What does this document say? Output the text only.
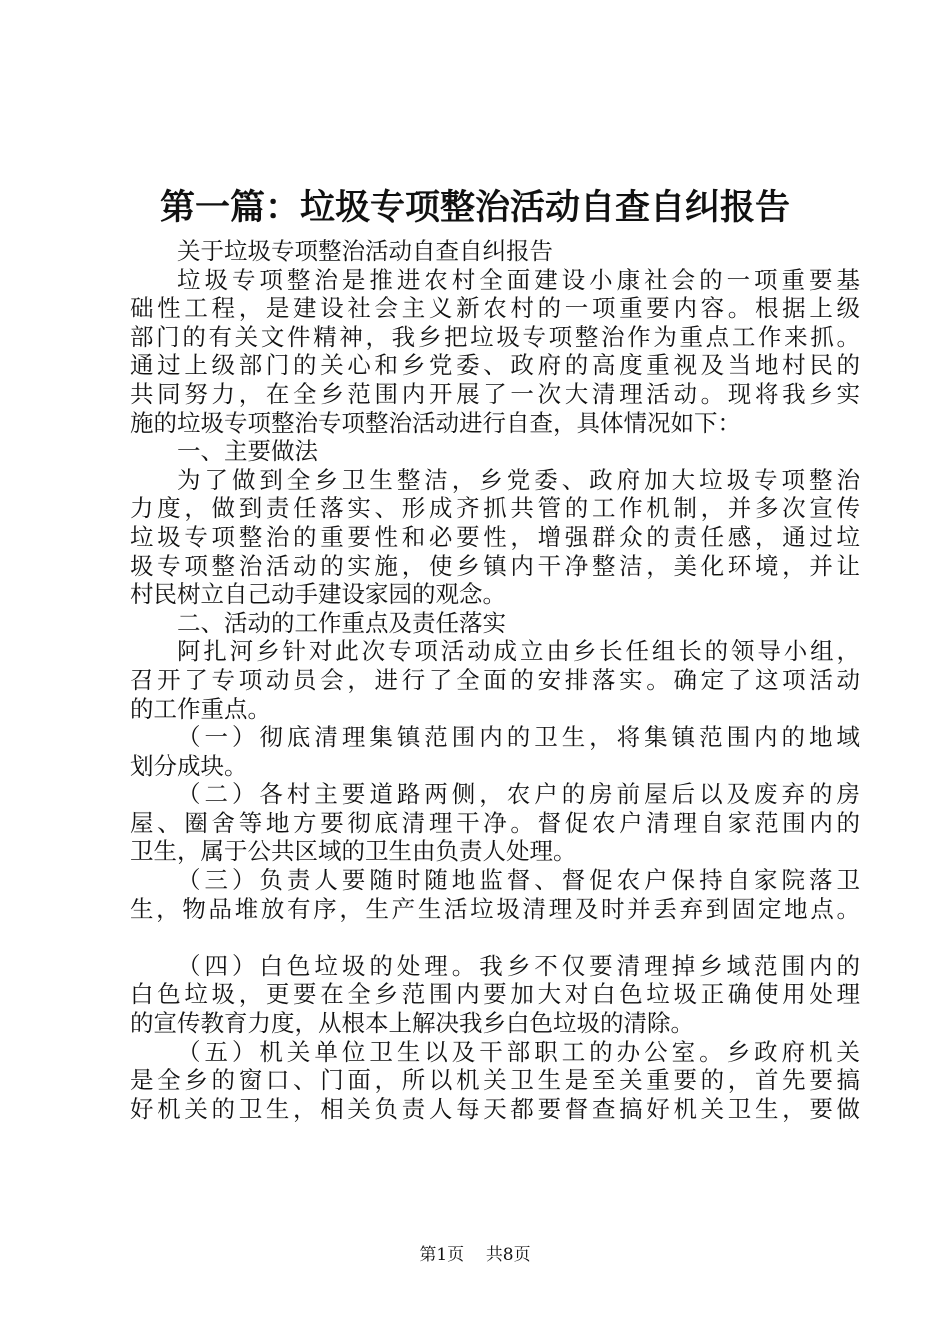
第一篇：垃圾专项整治活动自查自纠报告
关于垃圾专项整治活动自查自纠报告
垃圾专项整治是推进农村全面建设小康社会的一项重要基
础性工程，是建设社会主义新农村的一项重要内容。根据上级
部门的有关文件精神，我乡把垃圾专项整治作为重点工作来抓。
通过上级部门的关心和乡党委、政府的高度重视及当地村民的
共同努力，在全乡范围内开展了一次大清理活动。现将我乡实
施的垃圾专项整治专项整治活动进行自查，具体情况如下：
一、主要做法
为了做到全乡卫生整洁，乡党委、政府加大垃圾专项整治
力度，做到责任落实、形成齐抓共管的工作机制，并多次宣传
垃圾专项整治的重要性和必要性，增强群众的责任感，通过垃
圾专项整治活动的实施，使乡镇内干净整洁，美化环境，并让
村民树立自己动手建设家园的观念。
二、活动的工作重点及责任落实
阿扎河乡针对此次专项活动成立由乡长任组长的领导小组，
召开了专项动员会，进行了全面的安排落实。确定了这项活动
的工作重点。
（一）彻底清理集镇范围内的卫生，将集镇范围内的地域
划分成块。
（二）各村主要道路两侧，农户的房前屋后以及废弃的房
屋、圈舍等地方要彻底清理干净。督促农户清理自家范围内的
卫生，属于公共区域的卫生由负责人处理。
（三）负责人要随时随地监督、督促农户保持自家院落卫
生，物品堆放有序，生产生活垃圾清理及时并丢弃到固定地点。
（四）白色垃圾的处理。我乡不仅要清理掉乡域范围内的
白色垃圾，更要在全乡范围内要加大对白色垃圾正确使用处理
的宣传教育力度，从根本上解决我乡白色垃圾的清除。
（五）机关单位卫生以及干部职工的办公室。乡政府机关
是全乡的窗口、门面，所以机关卫生是至关重要的，首先要搞
好机关的卫生，相关负责人每天都要督查搞好机关卫生，要做
第1页 共8页
